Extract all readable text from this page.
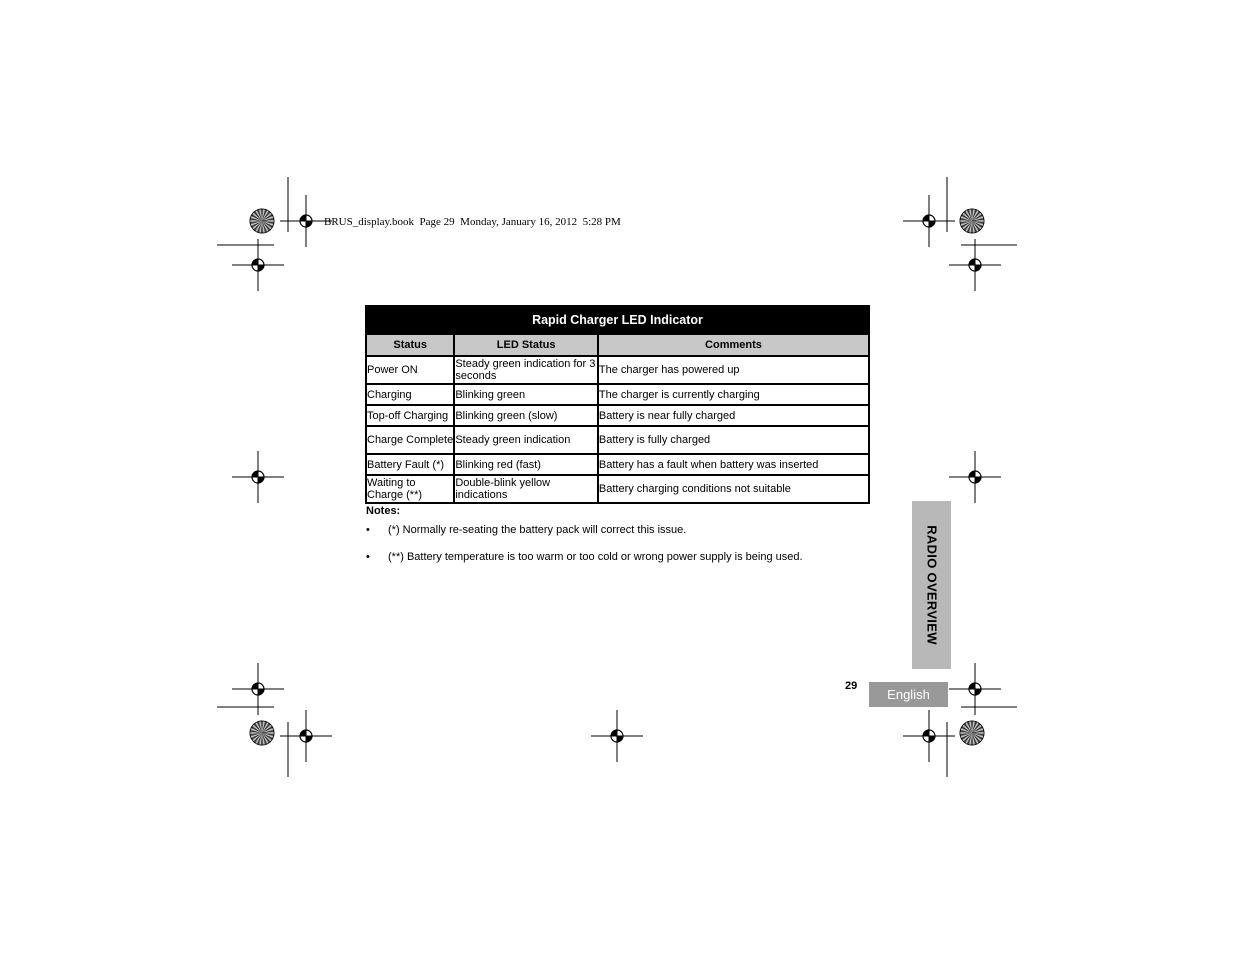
BRUS_display.book  Page 29  Monday, January 16, 2012  5:28 PM
Rapid Charger LED Indicator		
Status	LED Status	Comments
Power ON	Steady green indication for 3 seconds	The charger has powered up
Charging	Blinking green	The charger is currently charging
Top-off Charging	Blinking green (slow)	Battery is near fully charged
Charge Complete	Steady green indication	Battery is fully charged
Battery Fault (*)	Blinking red (fast)	Battery has a fault when battery was inserted
Waiting to Charge (**)	Double-blink yellow indications	Battery charging conditions not suitable
Notes:
• (*) Normally re-seating the battery pack will correct this issue.
• (**) Battery temperature is too warm or too cold or wrong power supply is being used.	RADIO OVERVIEW
29
English
